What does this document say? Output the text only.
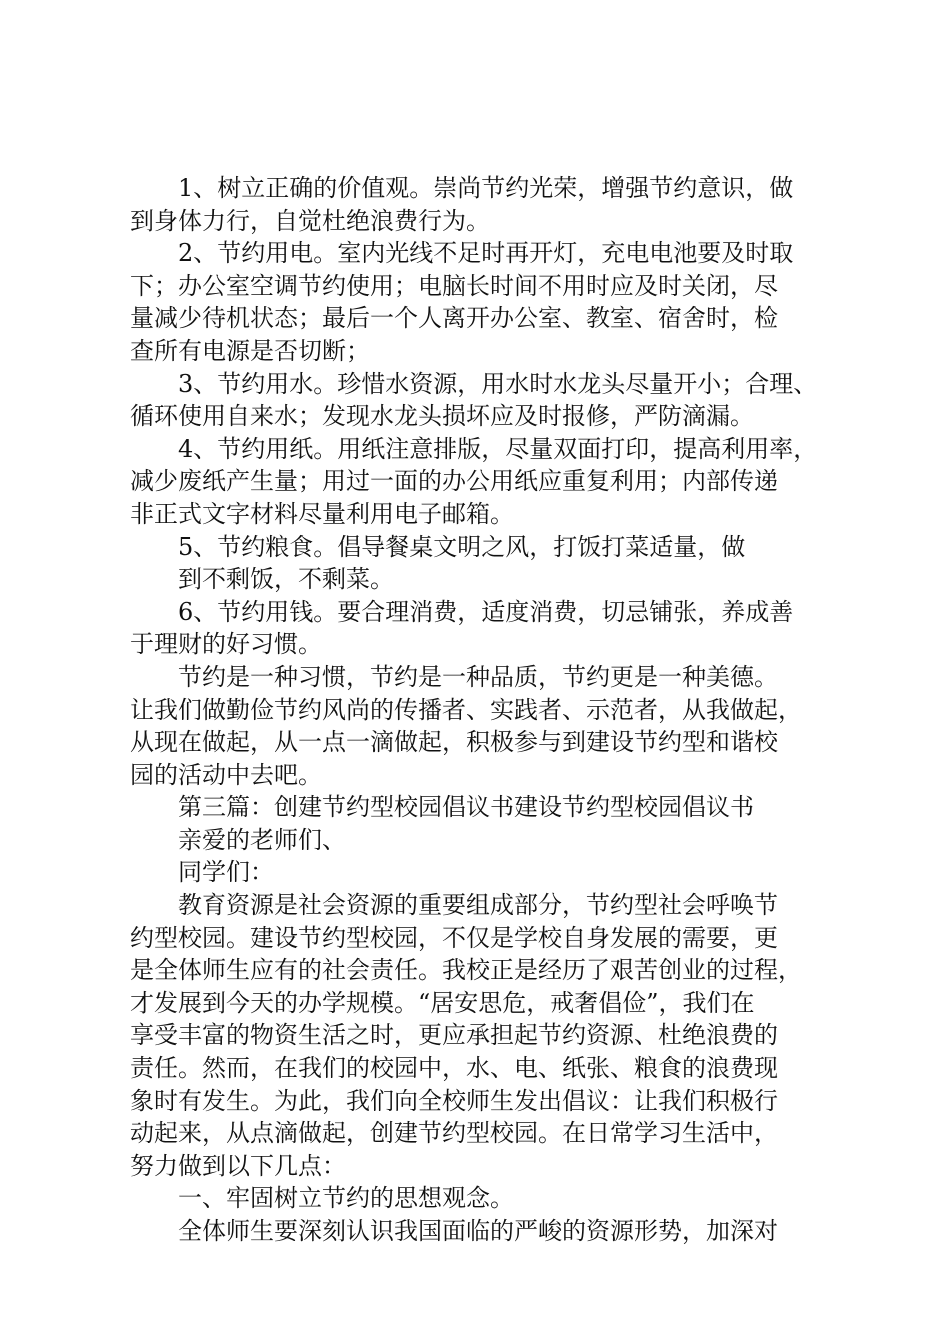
1、树立正确的价值观。崇尚节约光荣，增强节约意识，做
到身体力行，自觉杜绝浪费行为。
2、节约用电。室内光线不足时再开灯，充电电池要及时取
下；办公室空调节约使用；电脑长时间不用时应及时关闭，尽
量减少待机状态；最后一个人离开办公室、教室、宿舍时，检
查所有电源是否切断；
3、节约用水。珍惜水资源，用水时水龙头尽量开小；合理、
循环使用自来水；发现水龙头损坏应及时报修，严防滴漏。
4、节约用纸。用纸注意排版，尽量双面打印，提高利用率，
减少废纸产生量；用过一面的办公用纸应重复利用；内部传递
非正式文字材料尽量利用电子邮箱。
5、节约粮食。倡导餐桌文明之风，打饭打菜适量，做
到不剩饭，不剩菜。
6、节约用钱。要合理消费，适度消费，切忌铺张，养成善
于理财的好习惯。
节约是一种习惯，节约是一种品质，节约更是一种美德。
让我们做勤俭节约风尚的传播者、实践者、示范者，从我做起，
从现在做起，从一点一滴做起，积极参与到建设节约型和谐校
园的活动中去吧。
第三篇：创建节约型校园倡议书建设节约型校园倡议书
亲爱的老师们、
同学们：
教育资源是社会资源的重要组成部分，节约型社会呼唤节
约型校园。建设节约型校园，不仅是学校自身发展的需要，更
是全体师生应有的社会责任。我校正是经历了艰苦创业的过程，
才发展到今天的办学规模。“居安思危，戒奢倡俭”，我们在
享受丰富的物资生活之时，更应承担起节约资源、杜绝浪费的
责任。然而，在我们的校园中，水、电、纸张、粮食的浪费现
象时有发生。为此，我们向全校师生发出倡议：让我们积极行
动起来，从点滴做起，创建节约型校园。在日常学习生活中，
努力做到以下几点：
一、牢固树立节约的思想观念。
全体师生要深刻认识我国面临的严峻的资源形势，加深对
